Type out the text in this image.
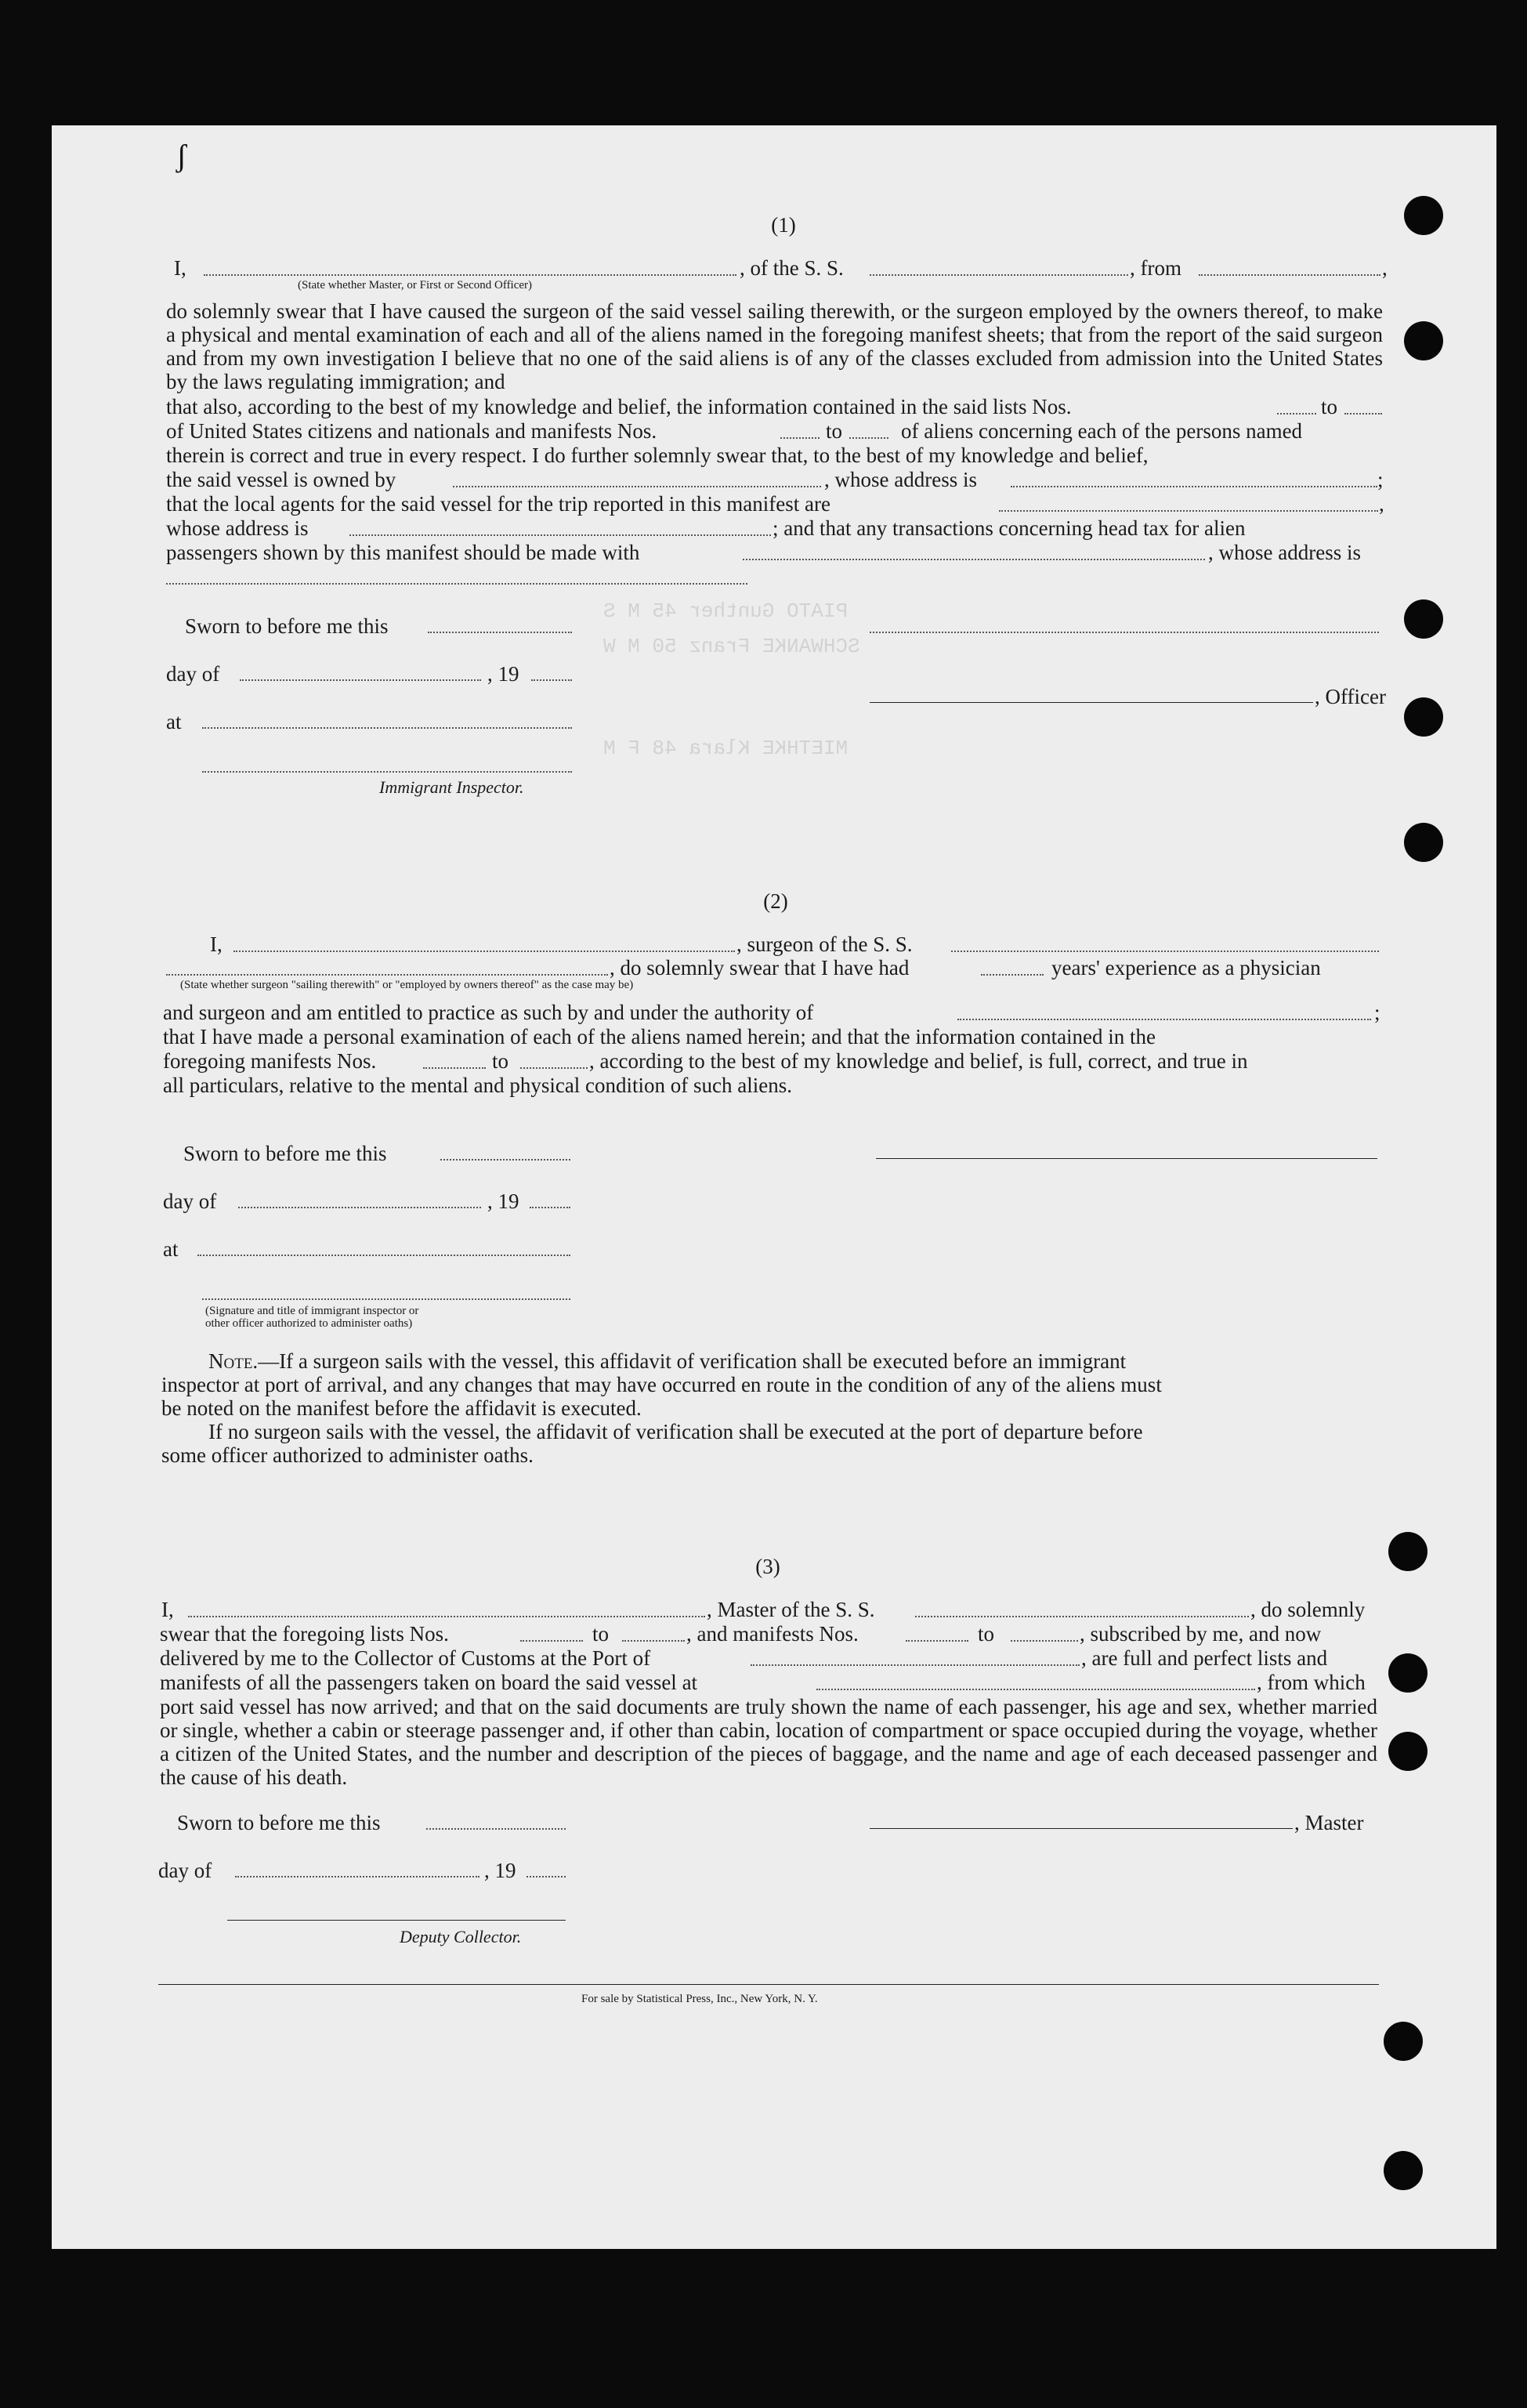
ʃ
SCHWANKE Franz 50 M W
MIETHKE Klara 48 F M
PIATO Gunther 45 M S
(1)
I,	, of the S. S.	, from	,
(State whether Master, or First or Second Officer)
do solemnly swear that I have caused the surgeon of the said vessel sailing therewith, or the surgeon employed by the owners thereof, to make a physical and mental examination of each and all of the aliens named in the foregoing manifest sheets; that from the report of the said surgeon and from my own investigation I believe that no one of the said aliens is of any of the classes excluded from admission into the United States by the laws regulating immigration; and
that also, according to the best of my knowledge and belief, the information contained in the said lists Nos.	to
of United States citizens and nationals and manifests Nos.	to	of aliens concerning each of the persons named
therein is correct and true in every respect. I do further solemnly swear that, to the best of my knowledge and belief,
the said vessel is owned by	, whose address is	;
that the local agents for the said vessel for the trip reported in this manifest are	,
whose address is	; and that any transactions concerning head tax for alien
passengers shown by this manifest should be made with	, whose address is
Sworn to before me this
day of	, 19
, Officer
at
Immigrant Inspector.
(2)
I,	, surgeon of the S. S.
, do solemnly swear that I have had	years' experience as a physician
(State whether surgeon "sailing therewith" or "employed by owners thereof" as the case may be)
and surgeon and am entitled to practice as such by and under the authority of	;
that I have made a personal examination of each of the aliens named herein; and that the information contained in the
foregoing manifests Nos.	to	, according to the best of my knowledge and belief, is full, correct, and true in
all particulars, relative to the mental and physical condition of such aliens.
Sworn to before me this
day of	, 19
at
(Signature and title of immigrant inspector or
other officer authorized to administer oaths)
Note.—If a surgeon sails with the vessel, this affidavit of verification shall be executed before an immigrant
inspector at port of arrival, and any changes that may have occurred en route in the condition of any of the aliens must
be noted on the manifest before the affidavit is executed.
If no surgeon sails with the vessel, the affidavit of verification shall be executed at the port of departure before
some officer authorized to administer oaths.
(3)
I,	, Master of the S. S.	, do solemnly
swear that the foregoing lists Nos.	to	, and manifests Nos.	to	, subscribed by me, and now
delivered by me to the Collector of Customs at the Port of	, are full and perfect lists and
manifests of all the passengers taken on board the said vessel at	, from which
port said vessel has now arrived; and that on the said documents are truly shown the name of each passenger, his age and sex, whether married or single, whether a cabin or steerage passenger and, if other than cabin, location of compartment or space occupied during the voyage, whether a citizen of the United States, and the number and description of the pieces of baggage, and the name and age of each deceased passenger and the cause of his death.
Sworn to before me this	, Master
day of	, 19
Deputy Collector.
For sale by Statistical Press, Inc., New York, N. Y.
